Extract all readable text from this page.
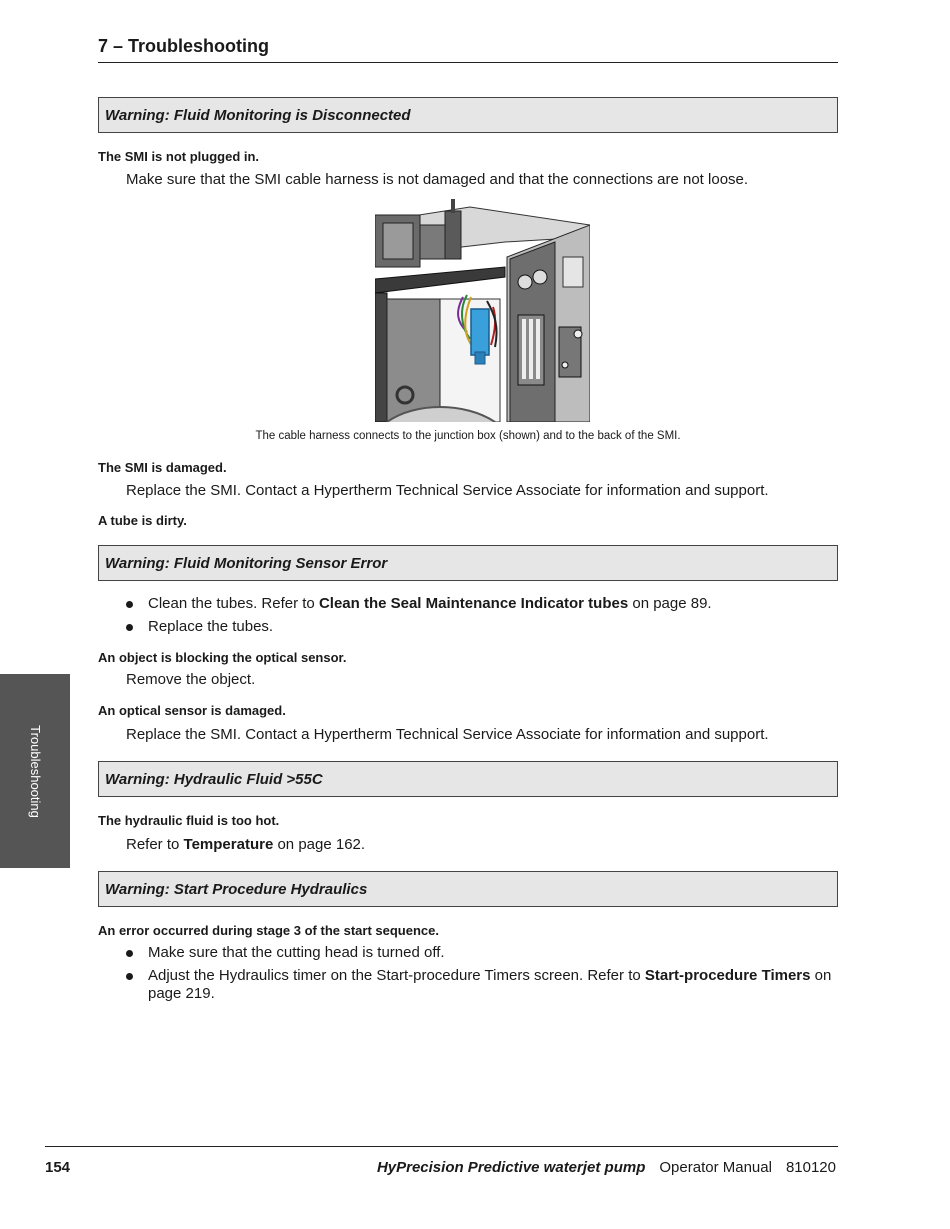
7 – Troubleshooting
Warning: Fluid Monitoring is Disconnected
The SMI is not plugged in.
Make sure that the SMI cable harness is not damaged and that the connections are not loose.
The cable harness connects to the junction box (shown) and to the back of the SMI.
The SMI is damaged.
Replace the SMI. Contact a Hypertherm Technical Service Associate for information and support.
A tube is dirty.
Warning: Fluid Monitoring Sensor Error
Clean the tubes. Refer to Clean the Seal Maintenance Indicator tubes on page 89.
Replace the tubes.
An object is blocking the optical sensor.
Remove the object.
An optical sensor is damaged.
Replace the SMI. Contact a Hypertherm Technical Service Associate for information and support.
Warning: Hydraulic Fluid >55C
The hydraulic fluid is too hot.
Refer to Temperature on page 162.
Warning: Start Procedure Hydraulics
An error occurred during stage 3 of the start sequence.
Make sure that the cutting head is turned off.
Adjust the Hydraulics timer on the Start-procedure Timers screen. Refer to Start-procedure Timers on page 219.
Troubleshooting
154	HyPrecision Predictive waterjet pump Operator Manual 810120
